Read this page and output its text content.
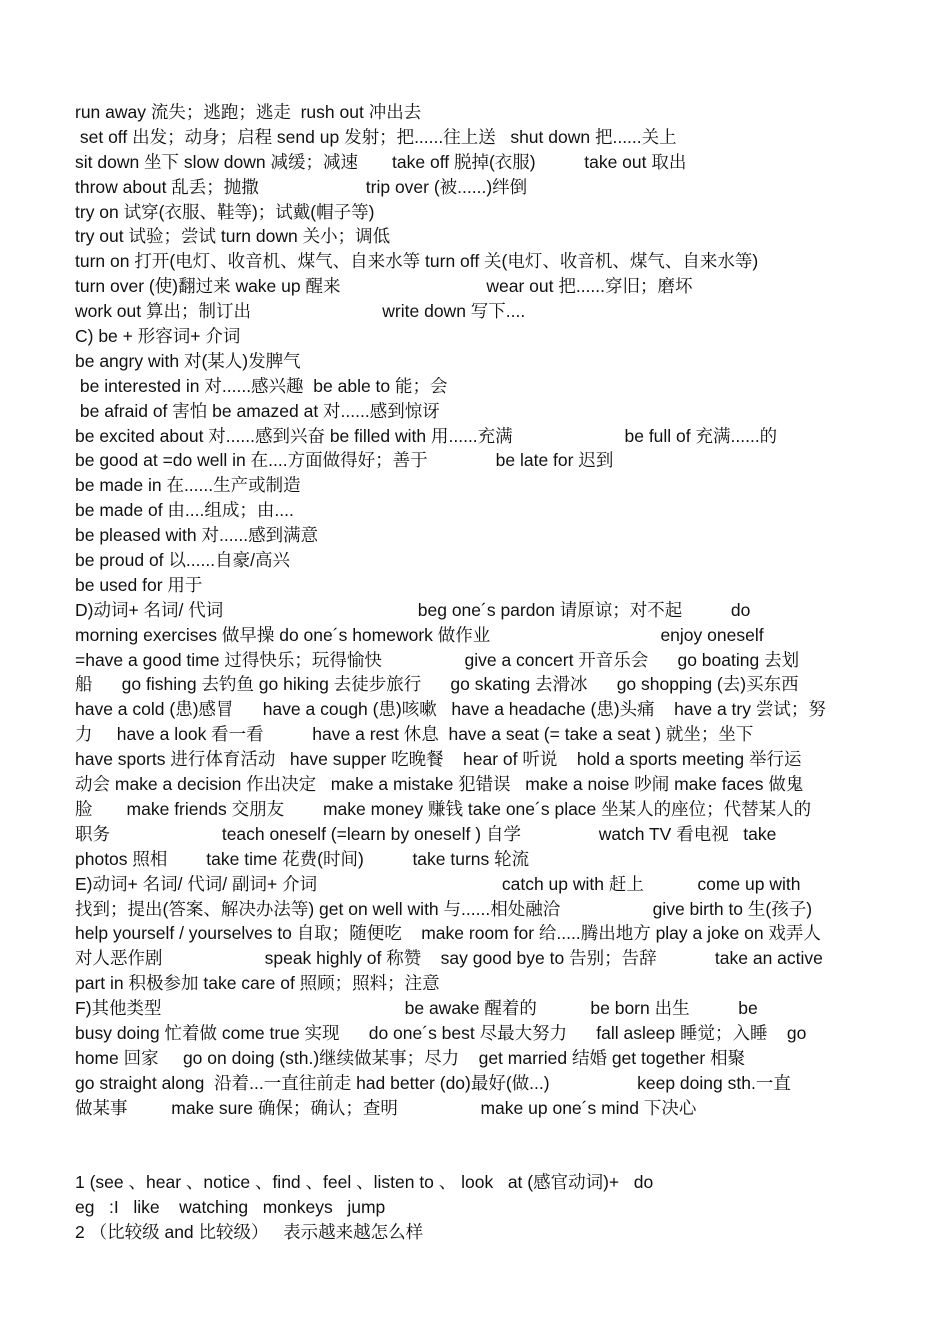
run away 流失；逃跑；逃走  rush out 冲出去
set off 出发；动身；启程 send up 发射；把......往上送   shut down 把......关上
sit down 坐下 slow down 减缓；减速       take off 脱掉(衣服)          take out 取出
throw about 乱丢；抛撒                      trip over (被......)绊倒
try on 试穿(衣服、鞋等)；试戴(帽子等)
try out 试验；尝试 turn down 关小；调低
turn on 打开(电灯、收音机、煤气、自来水等 turn off 关(电灯、收音机、煤气、自来水等)
turn over (使)翻过来 wake up 醒来                              wear out 把......穿旧；磨坏
work out 算出；制订出                           write down 写下....
C) be + 形容词+ 介词
be angry with 对(某人)发脾气
be interested in 对......感兴趣  be able to 能；会
be afraid of 害怕 be amazed at 对......感到惊讶
be excited about 对......感到兴奋 be filled with 用......充满                       be full of 充满......的
be good at =do well in 在....方面做得好；善于              be late for 迟到
be made in 在......生产或制造
be made of 由....组成；由....
be pleased with 对......感到满意
be proud of 以......自豪/高兴
be used for 用于
D)动词+ 名词/ 代词                                        beg one´s pardon 请原谅；对不起          do
morning exercises 做早操 do one´s homework 做作业                                   enjoy oneself
=have a good time 过得快乐；玩得愉快                 give a concert 开音乐会      go boating 去划
船      go fishing 去钓鱼 go hiking 去徒步旅行      go skating 去滑冰      go shopping (去)买东西
have a cold (患)感冒      have a cough (患)咳嗽   have a headache (患)头痛    have a try 尝试；努
力     have a look 看一看          have a rest 休息  have a seat (= take a seat ) 就坐；坐下
have sports 进行体育活动   have supper 吃晚餐    hear of 听说    hold a sports meeting 举行运
动会 make a decision 作出决定   make a mistake 犯错误   make a noise 吵闹 make faces 做鬼
脸       make friends 交朋友        make money 赚钱 take one´s place 坐某人的座位；代替某人的
职务                       teach oneself (=learn by oneself ) 自学                watch TV 看电视   take
photos 照相        take time 花费(时间)          take turns 轮流
E)动词+ 名词/ 代词/ 副词+ 介词                                      catch up with 赶上           come up with
找到；提出(答案、解决办法等) get on well with 与......相处融洽                   give birth to 生(孩子)
help yourself / yourselves to 自取；随便吃    make room for 给.....腾出地方 play a joke on 戏弄人
对人恶作剧                     speak highly of 称赞    say good bye to 告别；告辞            take an active
part in 积极参加 take care of 照顾；照料；注意
F)其他类型                                                  be awake 醒着的           be born 出生          be
busy doing 忙着做 come true 实现      do one´s best 尽最大努力      fall asleep 睡觉；入睡    go
home 回家     go on doing (sth.)继续做某事；尽力    get married 结婚 get together 相聚
go straight along  沿着...一直往前走 had better (do)最好(做...)                  keep doing sth.一直
做某事         make sure 确保；确认；查明                 make up one´s mind 下决心
1 (see 、hear 、notice 、find 、feel 、listen to 、 look   at (感官动词)+   do
eg   :I   like    watching   monkeys   jump
2 （比较级 and 比较级）   表示越来越怎么样
